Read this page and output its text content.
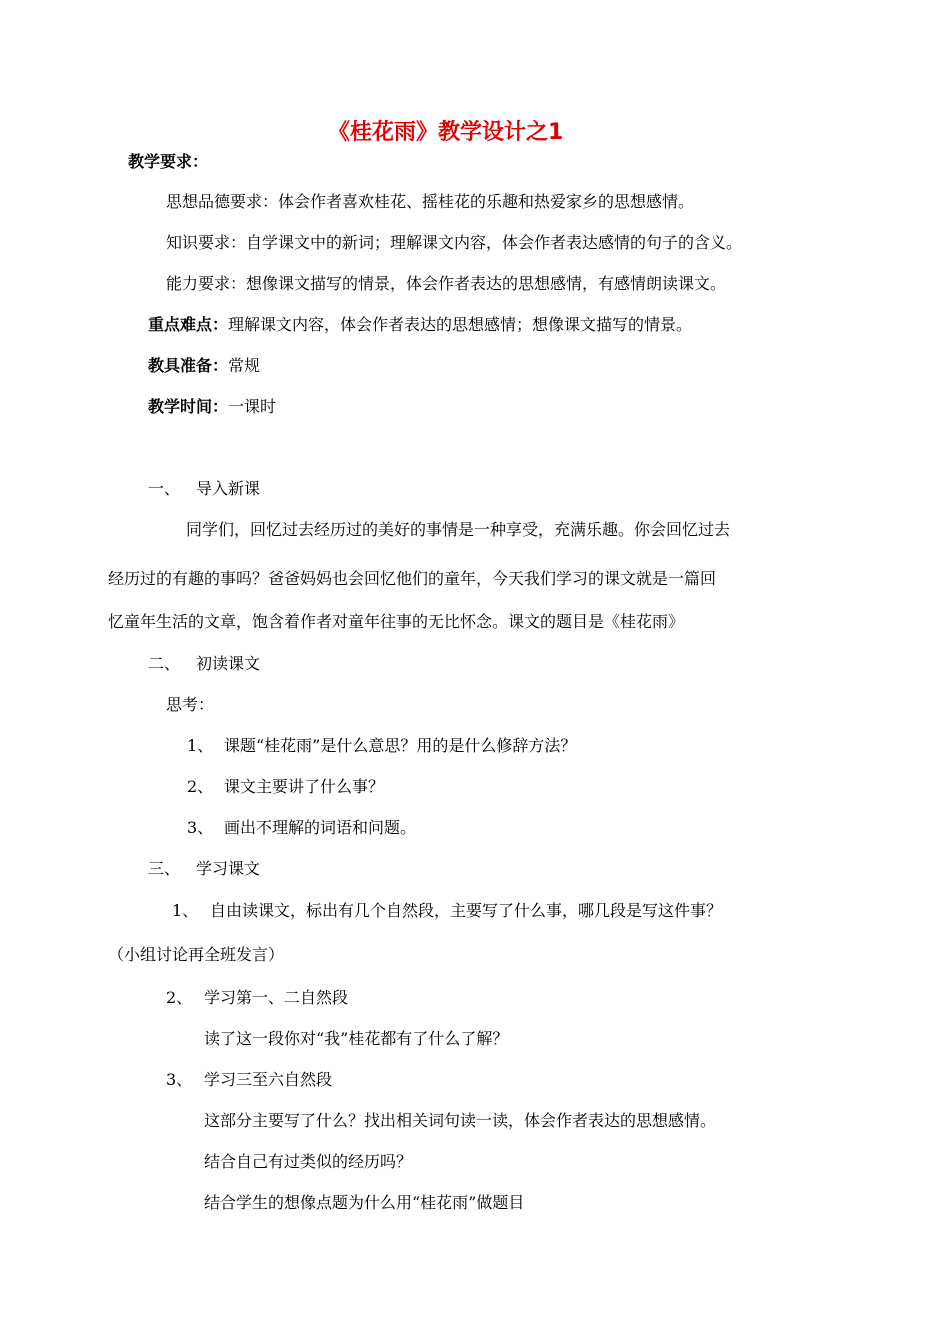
《桂花雨》教学设计之1
教学要求：
思想品德要求：体会作者喜欢桂花、摇桂花的乐趣和热爱家乡的思想感情。
知识要求：自学课文中的新词；理解课文内容，体会作者表达感情的句子的含义。
能力要求：想像课文描写的情景，体会作者表达的思想感情，有感情朗读课文。
重点难点：理解课文内容，体会作者表达的思想感情；想像课文描写的情景。
教具准备：常规
教学时间：一课时
一、 导入新课
同学们，回忆过去经历过的美好的事情是一种享受，充满乐趣。你会回忆过去
经历过的有趣的事吗？爸爸妈妈也会回忆他们的童年，今天我们学习的课文就是一篇回
忆童年生活的文章，饱含着作者对童年往事的无比怀念。课文的题目是《桂花雨》
二、 初读课文
思考：
1、 课题“桂花雨”是什么意思？用的是什么修辞方法？
2、 课文主要讲了什么事？
3、 画出不理解的词语和问题。
三、 学习课文
1、 自由读课文，标出有几个自然段，主要写了什么事，哪几段是写这件事？
（小组讨论再全班发言）
2、 学习第一、二自然段
读了这一段你对“我”桂花都有了什么了解？
3、 学习三至六自然段
这部分主要写了什么？找出相关词句读一读，体会作者表达的思想感情。
结合自己有过类似的经历吗？
结合学生的想像点题为什么用“桂花雨”做题目
